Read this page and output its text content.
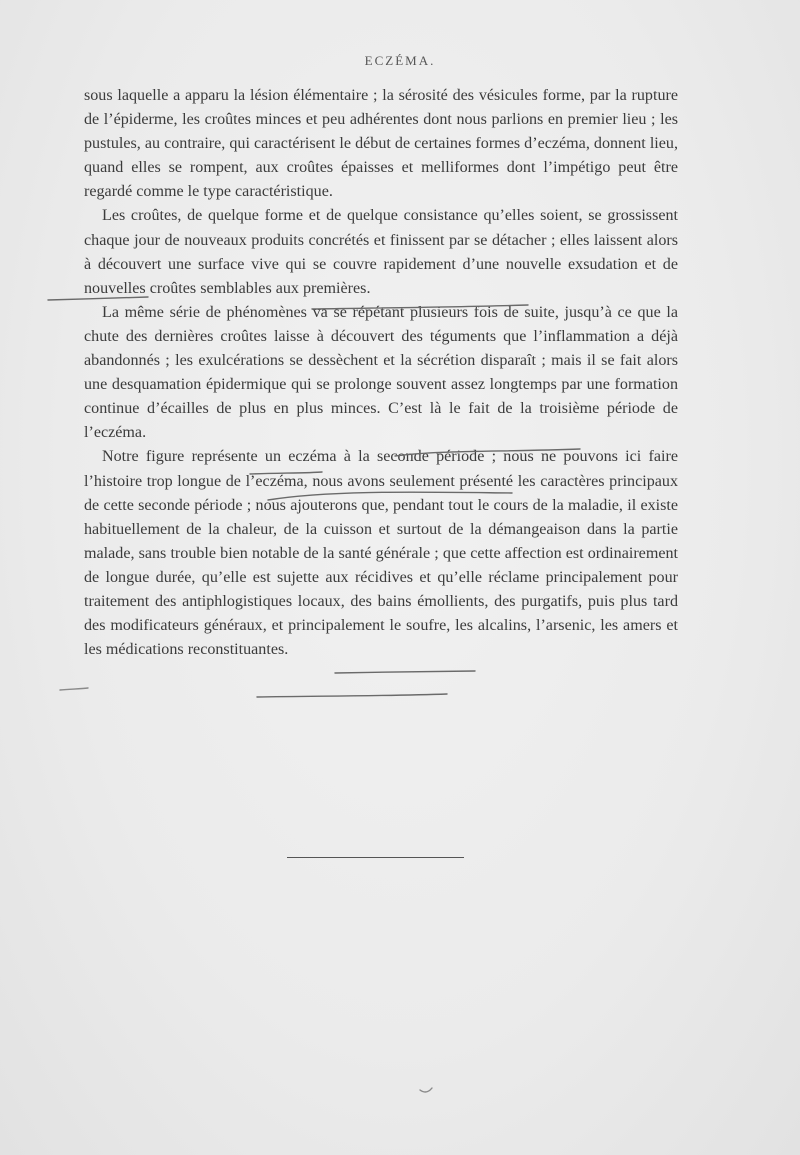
ECZÉMA.

sous laquelle a apparu la lésion élémentaire ; la sérosité des vésicules forme, par la rupture de l’épiderme, les croûtes minces et peu adhérentes dont nous parlions en premier lieu ; les pustules, au contraire, qui caractérisent le début de certaines formes d’eczéma, donnent lieu, quand elles se rompent, aux croûtes épaisses et melliformes dont l’impétigo peut être regardé comme le type caractéristique.

Les croûtes, de quelque forme et de quelque consistance qu’elles soient, se grossissent chaque jour de nouveaux produits concrétés et finissent par se détacher ; elles laissent alors à découvert une surface vive qui se couvre rapidement d’une nouvelle exsudation et de nouvelles croûtes semblables aux premières.

La même série de phénomènes va se répétant plusieurs fois de suite, jusqu’à ce que la chute des dernières croûtes laisse à découvert des téguments que l’inflammation a déjà abandonnés ; les exulcérations se dessèchent et la sécrétion disparaît ; mais il se fait alors une desquamation épidermique qui se prolonge souvent assez longtemps par une formation continue d’écailles de plus en plus minces. C’est là le fait de la troisième période de l’eczéma.

Notre figure représente un eczéma à la seconde période ; nous ne pouvons ici faire l’histoire trop longue de l’eczéma, nous avons seulement présenté les caractères principaux de cette seconde période ; nous ajouterons que, pendant tout le cours de la maladie, il existe habituellement de la chaleur, de la cuisson et surtout de la démangeaison dans la partie malade, sans trouble bien notable de la santé générale ; que cette affection est ordinairement de longue durée, qu’elle est sujette aux récidives et qu’elle réclame principalement pour traitement des antiphlogistiques locaux, des bains émollients, des purgatifs, puis plus tard des modificateurs généraux, et principalement le soufre, les alcalins, l’arsenic, les amers et les médications reconstituantes.
